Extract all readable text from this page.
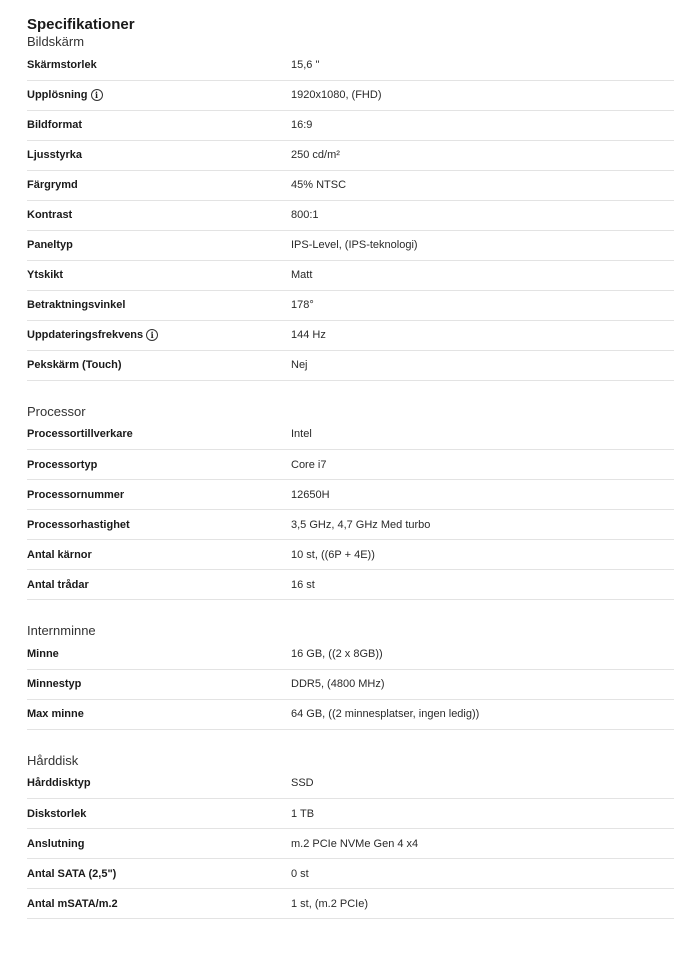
Specifikationer
Bildskärm
Skärmstorlek	15,6 "
Upplösning i	1920x1080, (FHD)
Bildformat	16:9
Ljusstyrka	250 cd/m²
Färgrymd	45% NTSC
Kontrast	800:1
Paneltyp	IPS-Level, (IPS-teknologi)
Ytskikt	Matt
Betraktningsvinkel	178°
Uppdateringsfrekvens i	144 Hz
Pekskärm (Touch)	Nej
Processor
Processortillverkare	Intel
Processortyp	Core i7
Processornummer	12650H
Processorhastighet	3,5 GHz, 4,7 GHz Med turbo
Antal kärnor	10 st, ((6P + 4E))
Antal trådar	16 st
Internminne
Minne	16 GB, ((2 x 8GB))
Minnestyp	DDR5, (4800 MHz)
Max minne	64 GB, ((2 minnesplatser, ingen ledig))
Hårddisk
Hårddisktyp	SSD
Diskstorlek	1 TB
Anslutning	m.2 PCIe NVMe Gen 4 x4
Antal SATA (2,5")	0 st
Antal mSATA/m.2	1 st, (m.2 PCIe)
